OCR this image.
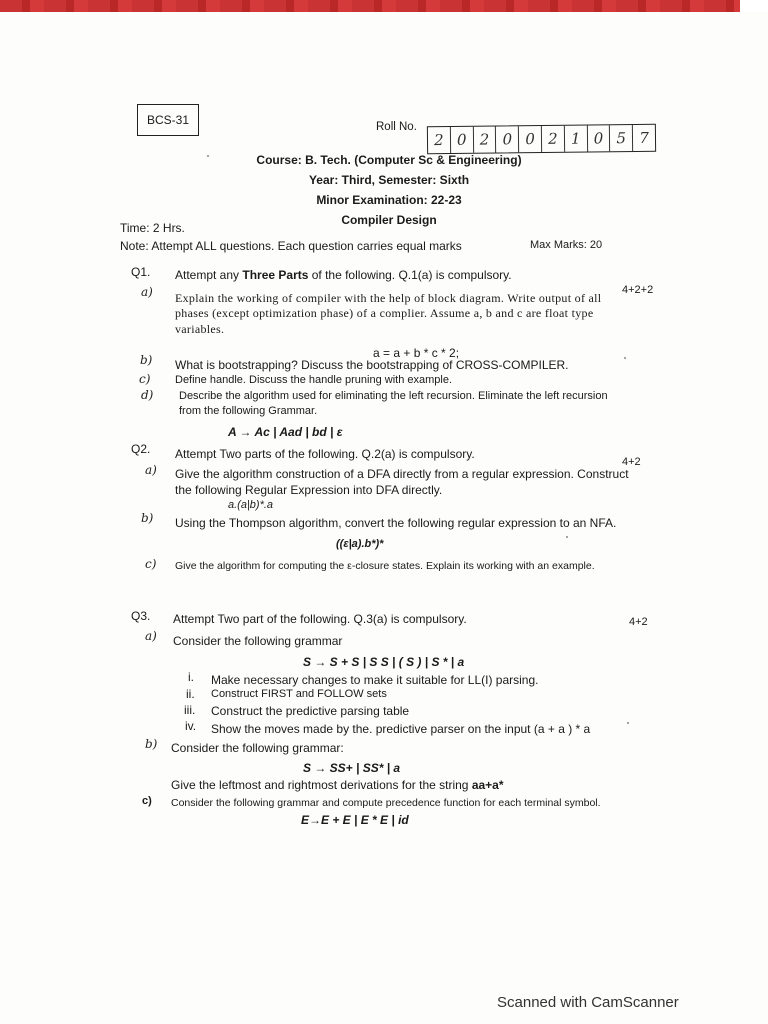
BCS-31	Roll No.
2 0 2 0 0 2 1 0 5 7
Course: B. Tech. (Computer Sc & Engineering)
Year: Third, Semester: Sixth
Minor Examination: 22-23
Compiler Design
Time: 2 Hrs.
Max Marks: 20
Note: Attempt ALL questions. Each question carries equal marks
Q1. Attempt any Three Parts of the following. Q.1(a) is compulsory.
4+2+2
a) Explain the working of compiler with the help of block diagram. Write output of all
phases (except optimization phase) of a complier. Assume a, b and c are float type
variables.
a = a + b * c * 2;
b) What is bootstrapping? Discuss the bootstrapping of CROSS-COMPILER.
c) Define handle. Discuss the handle pruning with example.
d) Describe the algorithm used for eliminating the left recursion. Eliminate the left recursion
from the following Grammar.
A → Ac | Aad | bd | ε
Q2. Attempt Two parts of the following. Q.2(a) is compulsory.
4+2
a) Give the algorithm construction of a DFA directly from a regular expression. Construct
the following Regular Expression into DFA directly.
a.(a|b)*.a
b) Using the Thompson algorithm, convert the following regular expression to an NFA.
((ε|a).b*)*
c) Give the algorithm for computing the ε-closure states. Explain its working with an example.
Q3. Attempt Two part of the following. Q.3(a) is compulsory.	4+2
a) Consider the following grammar
S → S + S | S S | ( S ) | S * | a
i. Make necessary changes to make it suitable for LL(I) parsing.
ii. Construct FIRST and FOLLOW sets
iii. Construct the predictive parsing table
iv. Show the moves made by the. predictive parser on the input (a + a ) * a
b) Consider the following grammar:
S → SS+ | SS* | a
Give the leftmost and rightmost derivations for the string aa+a*
c) Consider the following grammar and compute precedence function for each terminal symbol.
E→E + E | E * E | id
Scanned with CamScanner
